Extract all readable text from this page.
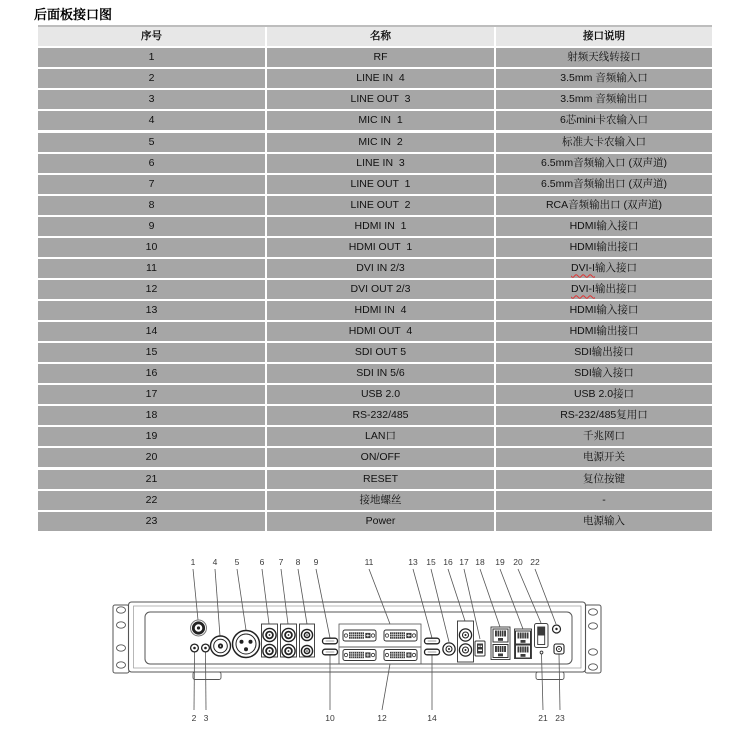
后面板接口图
序号	名称	接口说明
1	RF	射频天线转接口
2	LINE IN  4	3.5mm 音频输入口
3	LINE OUT  3	3.5mm 音频输出口
4	MIC IN  1	6芯mini卡农输入口
5	MIC IN  2	标准大卡农输入口
6	LINE IN  3	6.5mm音频输入口 (双声道)
7	LINE OUT  1	6.5mm音频输出口 (双声道)
8	LINE OUT  2	RCA音频输出口 (双声道)
9	HDMI IN  1	HDMI输入接口
10	HDMI OUT  1	HDMI输出接口
11	DVI IN 2/3	DVI-I 输入接口
12	DVI OUT 2/3	DVI-I 输出接口
13	HDMI IN  4	HDMI输入接口
14	HDMI OUT  4	HDMI输出接口
15	SDI OUT 5	SDI输出接口
16	SDI IN 5/6	SDI输入接口
17	USB 2.0	USB 2.0接口
18	RS-232/485	RS-232/485复用口
19	LAN口	千兆网口
20	ON/OFF	电源开关
21	RESET	复位按键
22	接地螺丝	-
23	Power	电源输入
1 4 5 6 7 8 9	11	13 15 16 17 18 19 20 22
2 3	10	12	14	21 23
